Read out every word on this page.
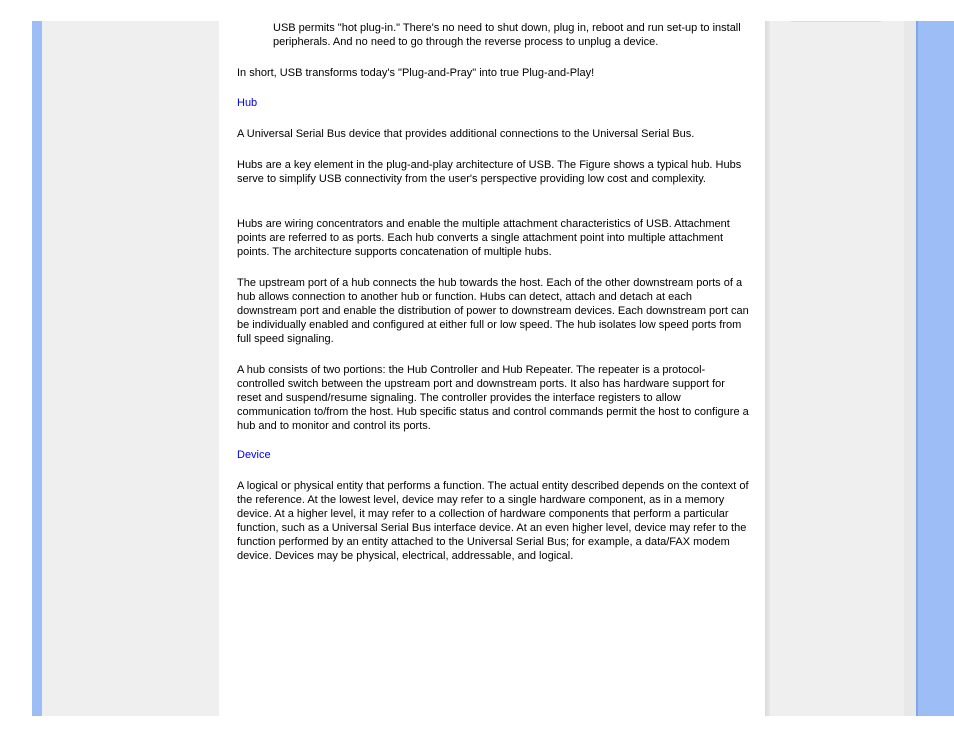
USB permits "hot plug-in." There's no need to shut down, plug in, reboot and run set-up to install peripherals. And no need to go through the reverse process to unplug a device.

In short, USB transforms today's "Plug-and-Pray" into true Plug-and-Play!

Hub

A Universal Serial Bus device that provides additional connections to the Universal Serial Bus.

Hubs are a key element in the plug-and-play architecture of USB. The Figure shows a typical hub. Hubs serve to simplify USB connectivity from the user's perspective providing low cost and complexity.

Hubs are wiring concentrators and enable the multiple attachment characteristics of USB. Attachment points are referred to as ports. Each hub converts a single attachment point into multiple attachment points. The architecture supports concatenation of multiple hubs.

The upstream port of a hub connects the hub towards the host. Each of the other downstream ports of a hub allows connection to another hub or function. Hubs can detect, attach and detach at each downstream port and enable the distribution of power to downstream devices. Each downstream port can be individually enabled and configured at either full or low speed. The hub isolates low speed ports from full speed signaling.

A hub consists of two portions: the Hub Controller and Hub Repeater. The repeater is a protocol-controlled switch between the upstream port and downstream ports. It also has hardware support for reset and suspend/resume signaling. The controller provides the interface registers to allow communication to/from the host. Hub specific status and control commands permit the host to configure a hub and to monitor and control its ports.

Device

A logical or physical entity that performs a function. The actual entity described depends on the context of the reference. At the lowest level, device may refer to a single hardware component, as in a memory device. At a higher level, it may refer to a collection of hardware components that perform a particular function, such as a Universal Serial Bus interface device. At an even higher level, device may refer to the function performed by an entity attached to the Universal Serial Bus; for example, a data/FAX modem device. Devices may be physical, electrical, addressable, and logical.
